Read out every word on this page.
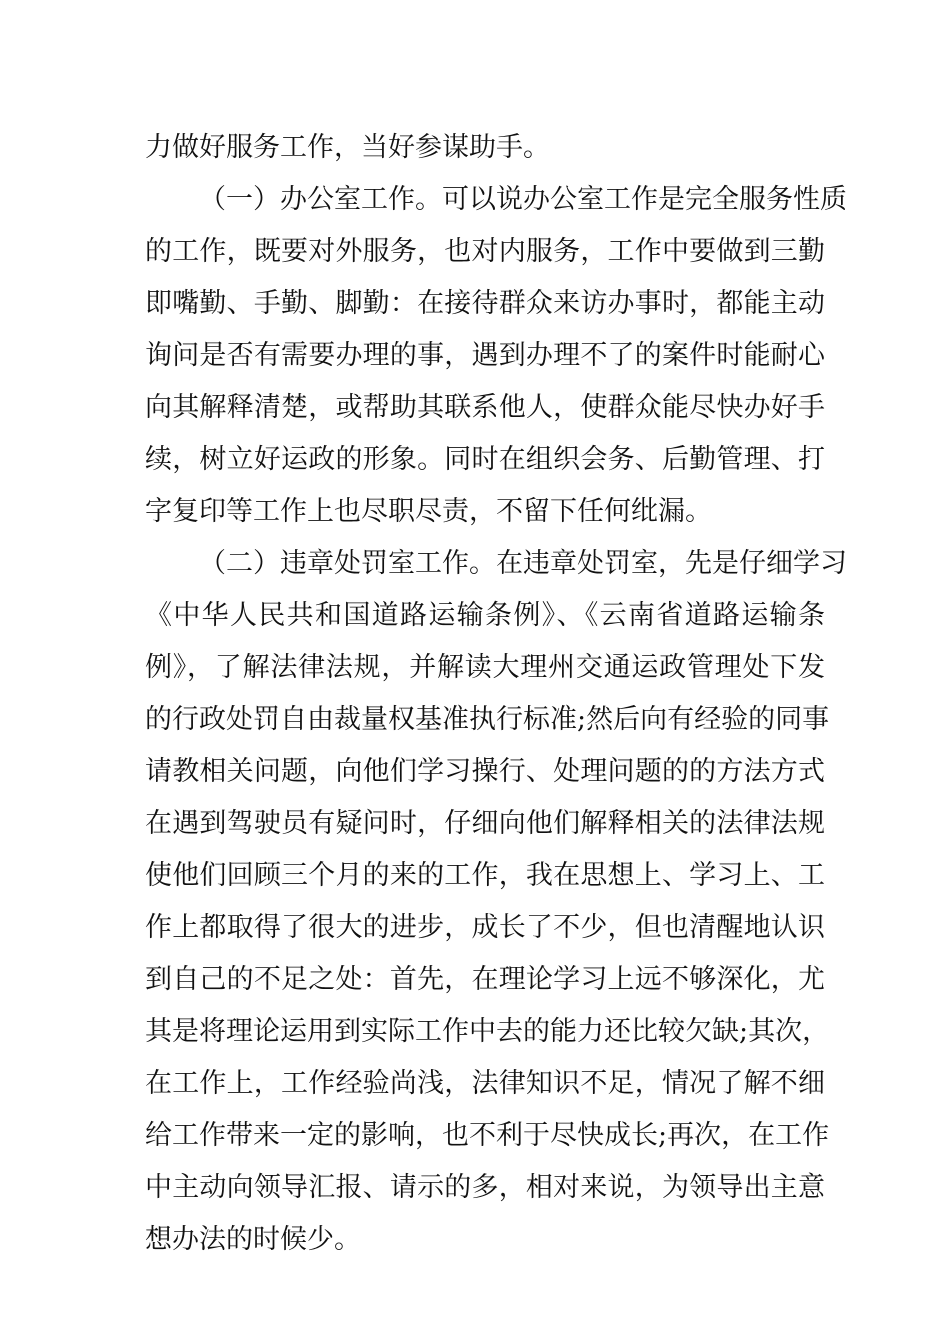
力做好服务工作，当好参谋助手。

（一）办公室工作。可以说办公室工作是完全服务性质

的工作，既要对外服务，也对内服务，工作中要做到三勤

即嘴勤、手勤、脚勤：在接待群众来访办事时，都能主动

询问是否有需要办理的事，遇到办理不了的案件时能耐心

向其解释清楚，或帮助其联系他人，使群众能尽快办好手

续，树立好运政的形象。同时在组织会务、后勤管理、打

字复印等工作上也尽职尽责，不留下任何纰漏。

（二）违章处罚室工作。在违章处罚室，先是仔细学习

《中华人民共和国道路运输条例》、《云南省道路运输条

例》，了解法律法规，并解读大理州交通运政管理处下发

的行政处罚自由裁量权基准执行标准;然后向有经验的同事

请教相关问题，向他们学习操行、处理问题的的方法方式

在遇到驾驶员有疑问时，仔细向他们解释相关的法律法规

使他们回顾三个月的来的工作，我在思想上、学习上、工

作上都取得了很大的进步，成长了不少，但也清醒地认识

到自己的不足之处：首先，在理论学习上远不够深化，尤

其是将理论运用到实际工作中去的能力还比较欠缺;其次，

在工作上，工作经验尚浅，法律知识不足，情况了解不细

给工作带来一定的影响，也不利于尽快成长;再次，在工作

中主动向领导汇报、请示的多，相对来说，为领导出主意

想办法的时候少。
